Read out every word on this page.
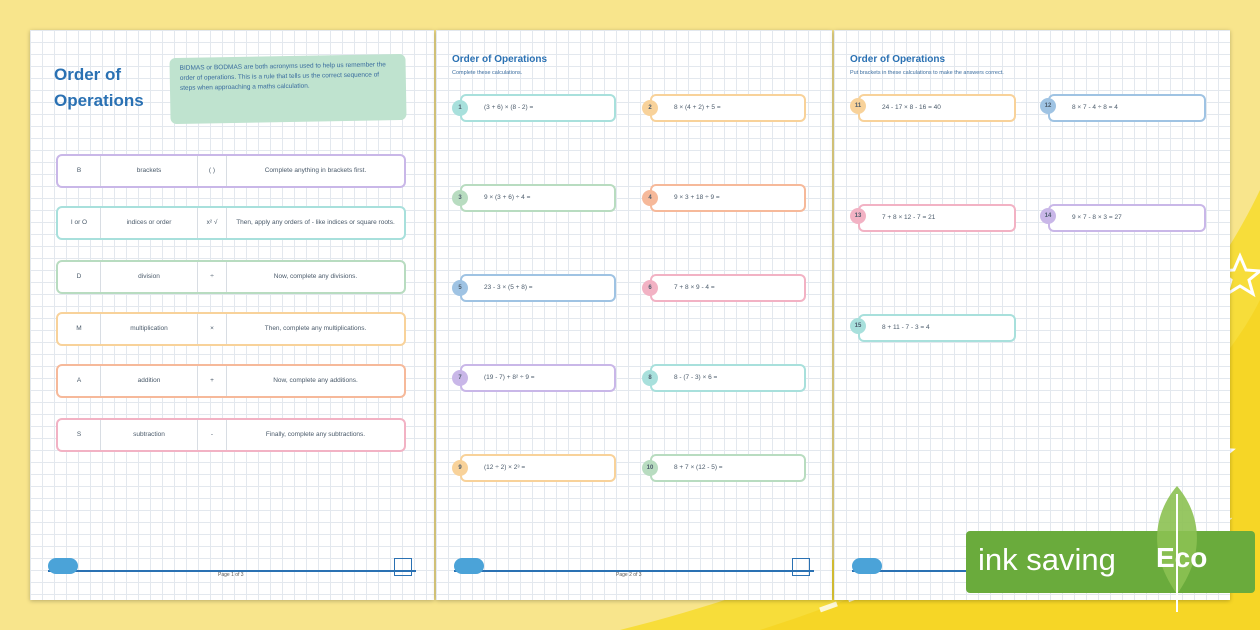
Order of Operations
BIDMAS or BODMAS are both acronyms used to help us remember the order of operations. This is a rule that tells us the correct sequence of steps when approaching a maths calculation.
B	brackets	( )	Complete anything in brackets first.
I or O	indices or order	x² √	Then, apply any orders of - like indices or square roots.
D	division	÷	Now, complete any divisions.
M	multiplication	×	Then, complete any multiplications.
A	addition	+	Now, complete any additions.
S	subtraction	-	Finally, complete any subtractions.
Page 1 of 3
Order of Operations
Complete these calculations.
(3 + 6) × (8 - 2) =
1	8 × (4 + 2) + 5 =
2
9 × (3 + 6) ÷ 4 =
3	9 × 3 + 18 ÷ 9 =
4
23 - 3 × (5 + 8) =
5	7 + 8 × 9 - 4 =
6
(19 - 7) + 8² ÷ 9 =
7	8 - (7 - 3) × 6 =
8
(12 ÷ 2) × 2³ =
9	8 + 7 × (12 - 5) =
10
Page 2 of 3
Order of Operations
Put brackets in these calculations to make the answers correct.
24 - 17 × 8 - 16 = 40
11	8 × 7 - 4 ÷ 8 = 4
12
7 + 8 × 12 - 7 = 21
13	9 × 7 - 8 × 3 = 27
14
8 + 11 - 7 - 3 = 4
15
ink saving Eco
